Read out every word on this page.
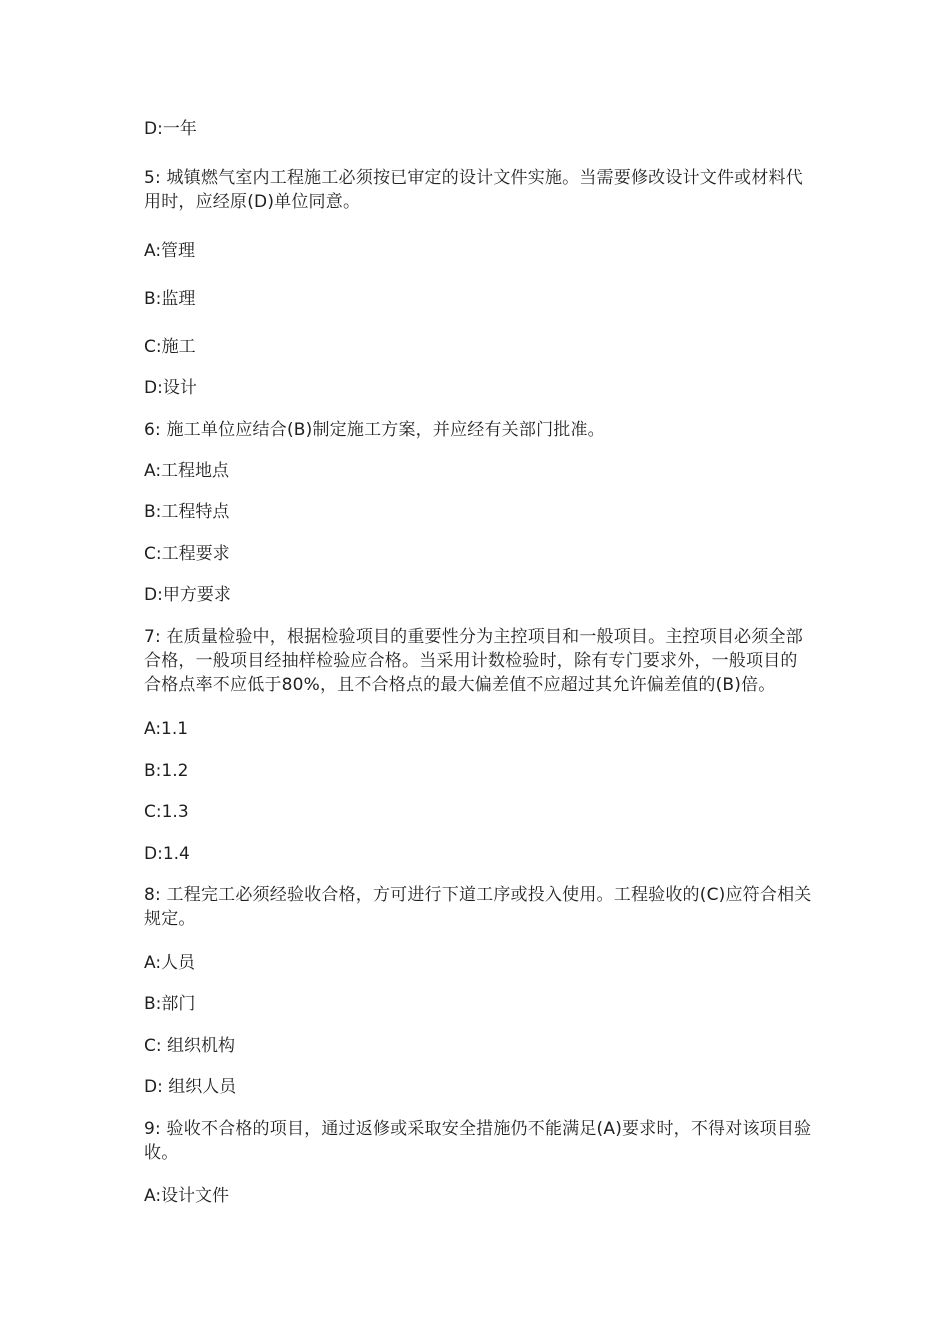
D:一年
5: 城镇燃气室内工程施工必须按已审定的设计文件实施。当需要修改设计文件或材料代用时，应经原(D)单位同意。
A:管理
B:监理
C:施工
D:设计
6: 施工单位应结合(B)制定施工方案，并应经有关部门批准。
A:工程地点
B:工程特点
C:工程要求
D:甲方要求
7: 在质量检验中，根据检验项目的重要性分为主控项目和一般项目。主控项目必须全部合格，一般项目经抽样检验应合格。当采用计数检验时，除有专门要求外，一般项目的合格点率不应低于80%，且不合格点的最大偏差值不应超过其允许偏差值的(B)倍。
A:1.1
B:1.2
C:1.3
D:1.4
8: 工程完工必须经验收合格，方可进行下道工序或投入使用。工程验收的(C)应符合相关规定。
A:人员
B:部门
C: 组织机构
D: 组织人员
9: 验收不合格的项目，通过返修或采取安全措施仍不能满足(A)要求时，不得对该项目验收。
A:设计文件
